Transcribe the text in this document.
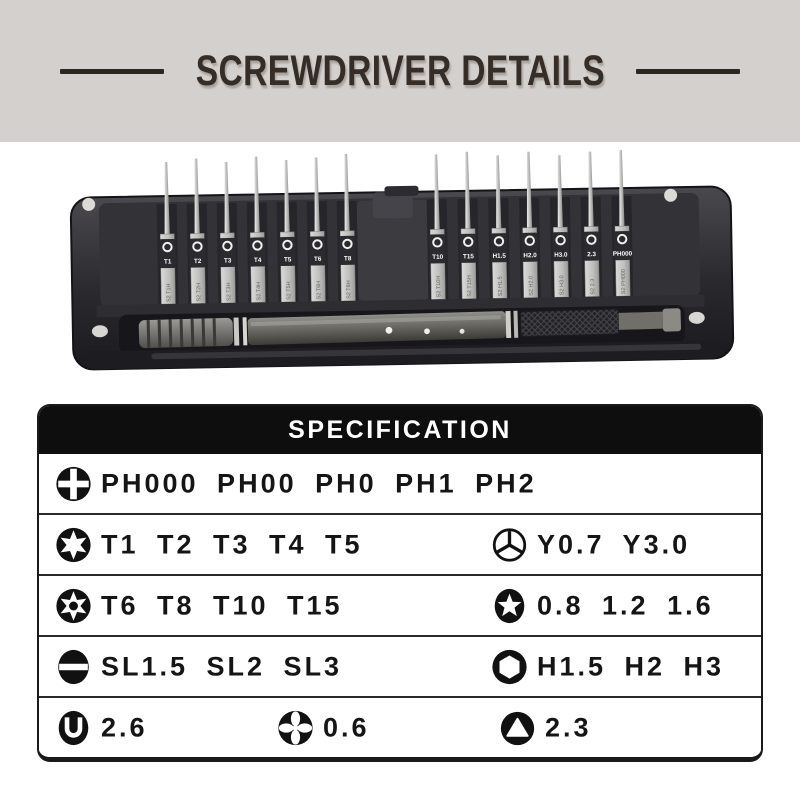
SCREWDRIVER DETAILS
T1
S2 T1H
T2
S2 T2H
T3
S2 T3H
T4
S2 T4H
T5
S2 T5H
T6
S2 T6H
T8
S2 T8H
T10
S2 T10H
T15
S2 T15H
H1.5
S2 H1.5
H2.0
S2 H2.0
H3.0
S2 H3.0
2.3
S2 2.3
PH000
S2 PH000
SPECIFICATION
PH000 PH00 PH0 PH1 PH2
T1 T2 T3 T4 T5	Y0.7 Y3.0
T6 T8 T10 T15	0.8 1.2 1.6
SL1.5 SL2 SL3	H1.5 H2 H3
2.6	0.6	2.3
